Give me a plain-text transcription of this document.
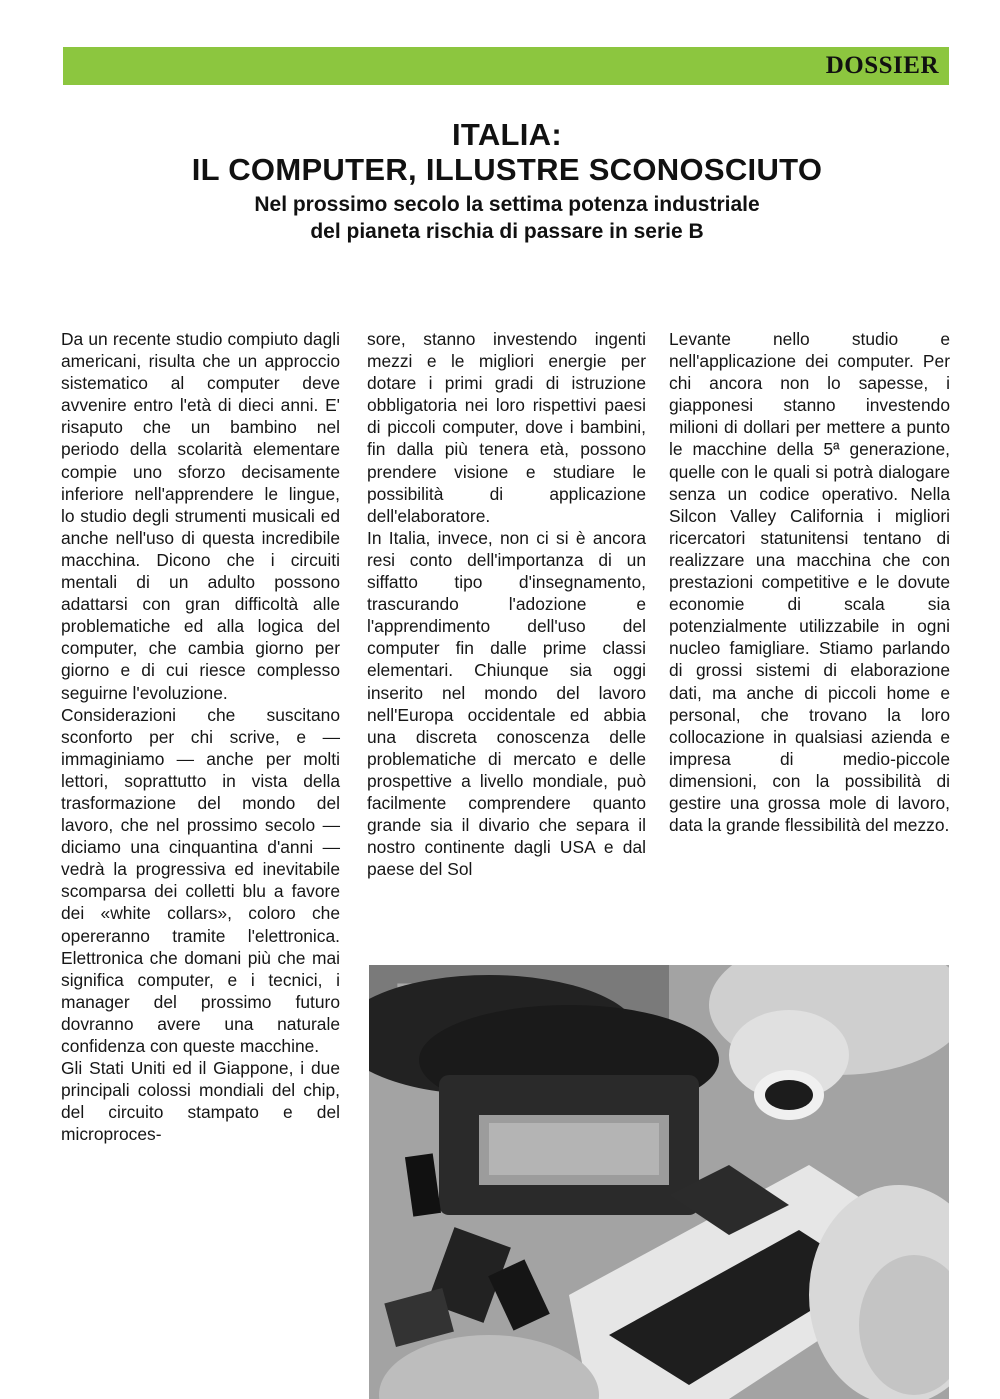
DOSSIER
ITALIA:
IL COMPUTER, ILLUSTRE SCONOSCIUTO
Nel prossimo secolo la settima potenza industriale
del pianeta rischia di passare in serie B

Da un recente studio compiuto dagli americani, risulta che un approccio sistematico al computer deve avvenire entro l'età di dieci anni. E' risaputo che un bambino nel periodo della scolarità elementare compie uno sforzo decisamente inferiore nell'apprendere le lingue, lo studio degli strumenti musicali ed anche nell'uso di questa incredibile macchina. Dicono che i circuiti mentali di un adulto possono adattarsi con gran difficoltà alle problematiche ed alla logica del computer, che cambia giorno per giorno e di cui riesce complesso seguirne l'evoluzione.

Considerazioni che suscitano sconforto per chi scrive, e — immaginiamo — anche per molti lettori, soprattutto in vista della trasformazione del mondo del lavoro, che nel prossimo secolo — diciamo una cinquantina d'anni — vedrà la progressiva ed inevitabile scomparsa dei colletti blu a favore dei «white collars», coloro che opereranno tramite l'elettronica. Elettronica che domani più che mai significa computer, e i tecnici, i manager del prossimo futuro dovranno avere una naturale confidenza con queste macchine.

Gli Stati Uniti ed il Giappone, i due principali colossi mondiali del chip, del circuito stampato e del microproces-

sore, stanno investendo ingenti mezzi e le migliori energie per dotare i primi gradi di istruzione obbligatoria nei loro rispettivi paesi di piccoli computer, dove i bambini, fin dalla più tenera età, possono prendere visione e studiare le possibilità di applicazione dell'elaboratore.

In Italia, invece, non ci si è ancora resi conto dell'importanza di un siffatto tipo d'insegnamento, trascurando l'adozione e l'apprendimento dell'uso del computer fin dalle prime classi elementari. Chiunque sia oggi inserito nel mondo del lavoro nell'Europa occidentale ed abbia una discreta conoscenza delle problematiche di mercato e delle prospettive a livello mondiale, può facilmente comprendere quanto grande sia il divario che separa il nostro continente dagli USA e dal paese del Sol

Levante nello studio e nell'applicazione dei computer. Per chi ancora non lo sapesse, i giapponesi stanno investendo milioni di dollari per mettere a punto le macchine della 5ª generazione, quelle con le quali si potrà dialogare senza un codice operativo. Nella Silcon Valley California i migliori ricercatori statunitensi tentano di realizzare una macchina che con prestazioni competitive e le dovute economie di scala sia potenzialmente utilizzabile in ogni nucleo famigliare. Stiamo parlando di grossi sistemi di elaborazione dati, ma anche di piccoli home e personal, che trovano la loro collocazione in qualsiasi azienda e impresa di medio-piccole dimensioni, con la possibilità di gestire una grossa mole di lavoro, data la grande flessibilità del mezzo.
